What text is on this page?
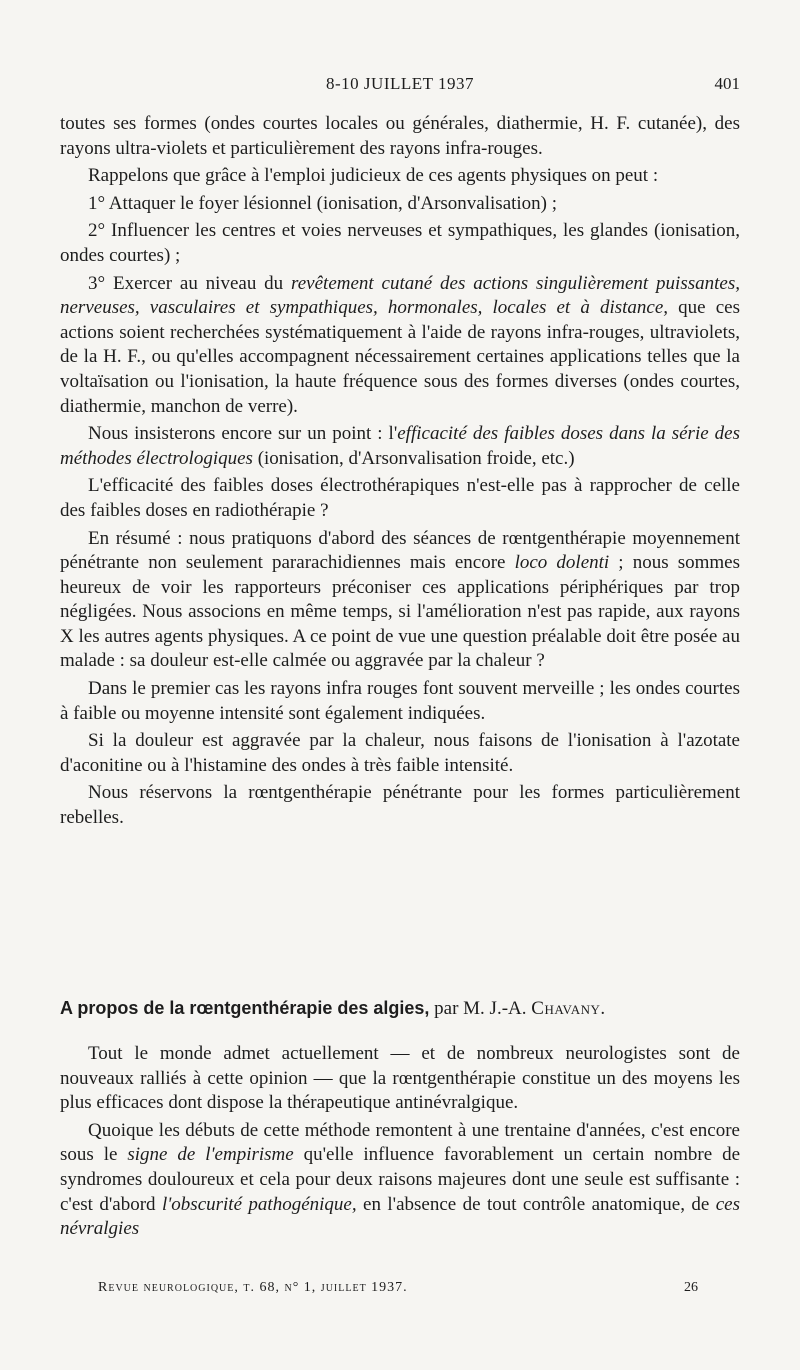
8-10 JUILLET 1937	401

toutes ses formes (ondes courtes locales ou générales, diathermie, H. F. cutanée), des rayons ultra-violets et particulièrement des rayons infra-rouges.

Rappelons que grâce à l'emploi judicieux de ces agents physiques on peut :

1° Attaquer le foyer lésionnel (ionisation, d'Arsonvalisation) ;

2° Influencer les centres et voies nerveuses et sympathiques, les glandes (ionisation, ondes courtes) ;

3° Exercer au niveau du revêtement cutané des actions singulièrement puissantes, nerveuses, vasculaires et sympathiques, hormonales, locales et à distance, que ces actions soient recherchées systématiquement à l'aide de rayons infra-rouges, ultraviolets, de la H. F., ou qu'elles accompagnent nécessairement certaines applications telles que la voltaïsation ou l'ionisation, la haute fréquence sous des formes diverses (ondes courtes, diathermie, manchon de verre).

Nous insisterons encore sur un point : l'efficacité des faibles doses dans la série des méthodes électrologiques (ionisation, d'Arsonvalisation froide, etc.)

L'efficacité des faibles doses électrothérapiques n'est-elle pas à rapprocher de celle des faibles doses en radiothérapie ?

En résumé : nous pratiquons d'abord des séances de rœntgenthérapie moyennement pénétrante non seulement pararachidiennes mais encore loco dolenti ; nous sommes heureux de voir les rapporteurs préconiser ces applications périphériques par trop négligées. Nous associons en même temps, si l'amélioration n'est pas rapide, aux rayons X les autres agents physiques. A ce point de vue une question préalable doit être posée au malade : sa douleur est-elle calmée ou aggravée par la chaleur ?

Dans le premier cas les rayons infra rouges font souvent merveille ; les ondes courtes à faible ou moyenne intensité sont également indiquées.

Si la douleur est aggravée par la chaleur, nous faisons de l'ionisation à l'azotate d'aconitine ou à l'histamine des ondes à très faible intensité.

Nous réservons la rœntgenthérapie pénétrante pour les formes particulièrement rebelles.

A propos de la rœntgenthérapie des algies, par M. J.-A. Chavany.

Tout le monde admet actuellement — et de nombreux neurologistes sont de nouveaux ralliés à cette opinion — que la rœntgenthérapie constitue un des moyens les plus efficaces dont dispose la thérapeutique antinévralgique.

Quoique les débuts de cette méthode remontent à une trentaine d'années, c'est encore sous le signe de l'empirisme qu'elle influence favorablement un certain nombre de syndromes douloureux et cela pour deux raisons majeures dont une seule est suffisante : c'est d'abord l'obscurité pathogénique, en l'absence de tout contrôle anatomique, de ces névralgies

Revue neurologique, t. 68, n° 1, juillet 1937.	26
